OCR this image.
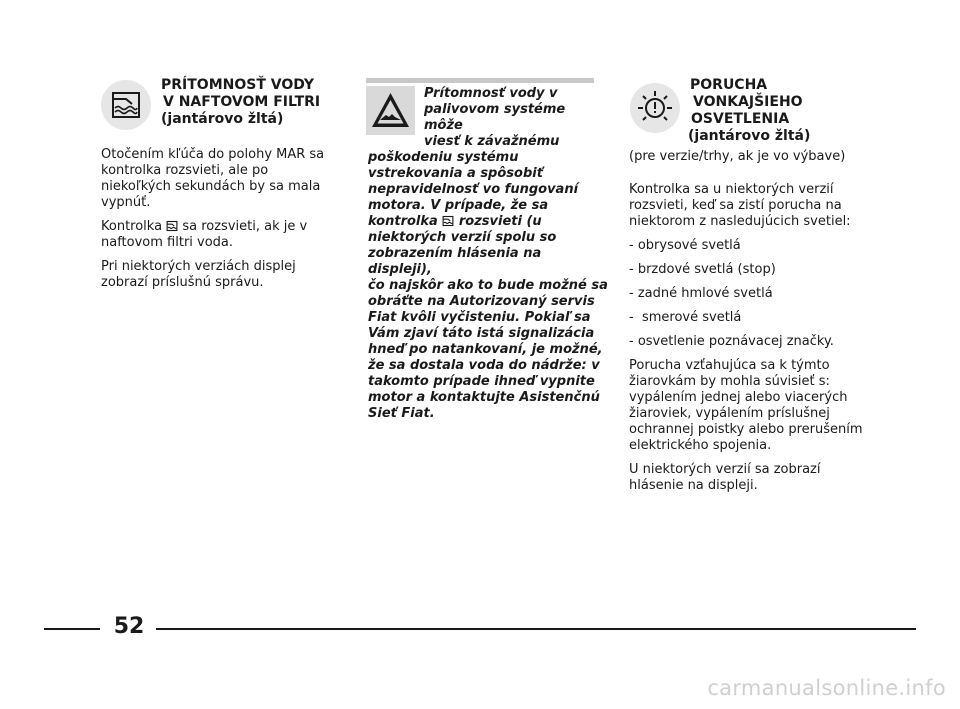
PRÍTOMNOSŤ VODY
V NAFTOVOM FILTRI
(jantárovo žltá)

Otočením kľúča do polohy MAR sa
kontrolka rozsvieti, ale po
niekoľkých sekundách by sa mala
vypnúť.

Kontrolka sa rozsvieti, ak je v
naftovom filtri voda.

Pri niektorých verziách displej
zobrazí príslušnú správu.

Prítomnosť vody v
palivovom systéme môže
viesť k závažnému
poškodeniu systému
vstrekovania a spôsobiť
nepravidelnosť vo fungovaní
motora. V prípade, že sa
kontrolka rozsvieti (u
niektorých verzií spolu so
zobrazením hlásenia na displeji),
čo najskôr ako to bude možné sa
obráťte na Autorizovaný servis
Fiat kvôli vyčisteniu. Pokiaľ sa
Vám zjaví táto istá signalizácia
hneď po natankovaní, je možné,
že sa dostala voda do nádrže: v
takomto prípade ihneď vypnite
motor a kontaktujte Asistenčnú
Sieť Fiat.
PORUCHA
VONKAJŠIEHO
OSVETLENIA
(jantárovo žltá)

(pre verzie/trhy, ak je vo výbave)

Kontrolka sa u niektorých verzií
rozsvieti, keď sa zistí porucha na
niektorom z nasledujúcich svetiel:

- obrysové svetlá

- brzdové svetlá (stop)

- zadné hmlové svetlá

-  smerové svetlá

- osvetlenie poznávacej značky.

Porucha vzťahujúca sa k týmto
žiarovkám by mohla súvisieť s:
vypálením jednej alebo viacerých
žiaroviek, vypálením príslušnej
ochrannej poistky alebo prerušením
elektrického spojenia.

U niektorých verzií sa zobrazí
hlásenie na displeji.

52
carmanualsonline.info
